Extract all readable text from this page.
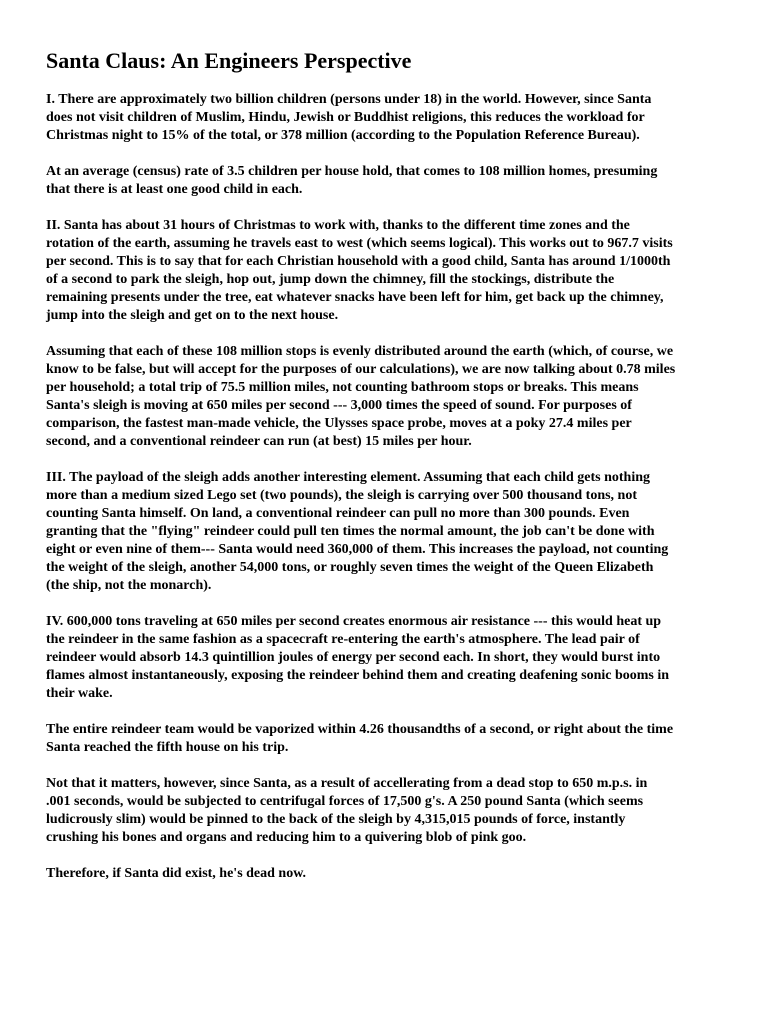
Santa Claus: An Engineers Perspective
I. There are approximately two billion children (persons under 18) in the world. However, since Santa
does not visit children of Muslim, Hindu, Jewish or Buddhist religions, this reduces the workload for
Christmas night to 15% of the total, or 378 million (according to the Population Reference Bureau).
At an average (census) rate of 3.5 children per house hold, that comes to 108 million homes, presuming
that there is at least one good child in each.
II. Santa has about 31 hours of Christmas to work with, thanks to the different time zones and the
rotation of the earth, assuming he travels east to west (which seems logical). This works out to 967.7 visits
per second. This is to say that for each Christian household with a good child, Santa has around 1/1000th
of a second to park the sleigh, hop out, jump down the chimney, fill the stockings, distribute the
remaining presents under the tree, eat whatever snacks have been left for him, get back up the chimney,
jump into the sleigh and get on to the next house.
Assuming that each of these 108 million stops is evenly distributed around the earth (which, of course, we
know to be false, but will accept for the purposes of our calculations), we are now talking about 0.78 miles
per household; a total trip of 75.5 million miles, not counting bathroom stops or breaks. This means
Santa's sleigh is moving at 650 miles per second --- 3,000 times the speed of sound. For purposes of
comparison, the fastest man-made vehicle, the Ulysses space probe, moves at a poky 27.4 miles per
second, and a conventional reindeer can run (at best) 15 miles per hour.
III. The payload of the sleigh adds another interesting element. Assuming that each child gets nothing
more than a medium sized Lego set (two pounds), the sleigh is carrying over 500 thousand tons, not
counting Santa himself. On land, a conventional reindeer can pull no more than 300 pounds. Even
granting that the "flying" reindeer could pull ten times the normal amount, the job can't be done with
eight or even nine of them--- Santa would need 360,000 of them. This increases the payload, not counting
the weight of the sleigh, another 54,000 tons, or roughly seven times the weight of the Queen Elizabeth
(the ship, not the monarch).
IV. 600,000 tons traveling at 650 miles per second creates enormous air resistance --- this would heat up
the reindeer in the same fashion as a spacecraft re-entering the earth's atmosphere. The lead pair of
reindeer would absorb 14.3 quintillion joules of energy per second each. In short, they would burst into
flames almost instantaneously, exposing the reindeer behind them and creating deafening sonic booms in
their wake.
The entire reindeer team would be vaporized within 4.26 thousandths of a second, or right about the time
Santa reached the fifth house on his trip.
Not that it matters, however, since Santa, as a result of accellerating from a dead stop to 650 m.p.s. in
.001 seconds, would be subjected to centrifugal forces of 17,500 g's. A 250 pound Santa (which seems
ludicrously slim) would be pinned to the back of the sleigh by 4,315,015 pounds of force, instantly
crushing his bones and organs and reducing him to a quivering blob of pink goo.
Therefore, if Santa did exist, he's dead now.
